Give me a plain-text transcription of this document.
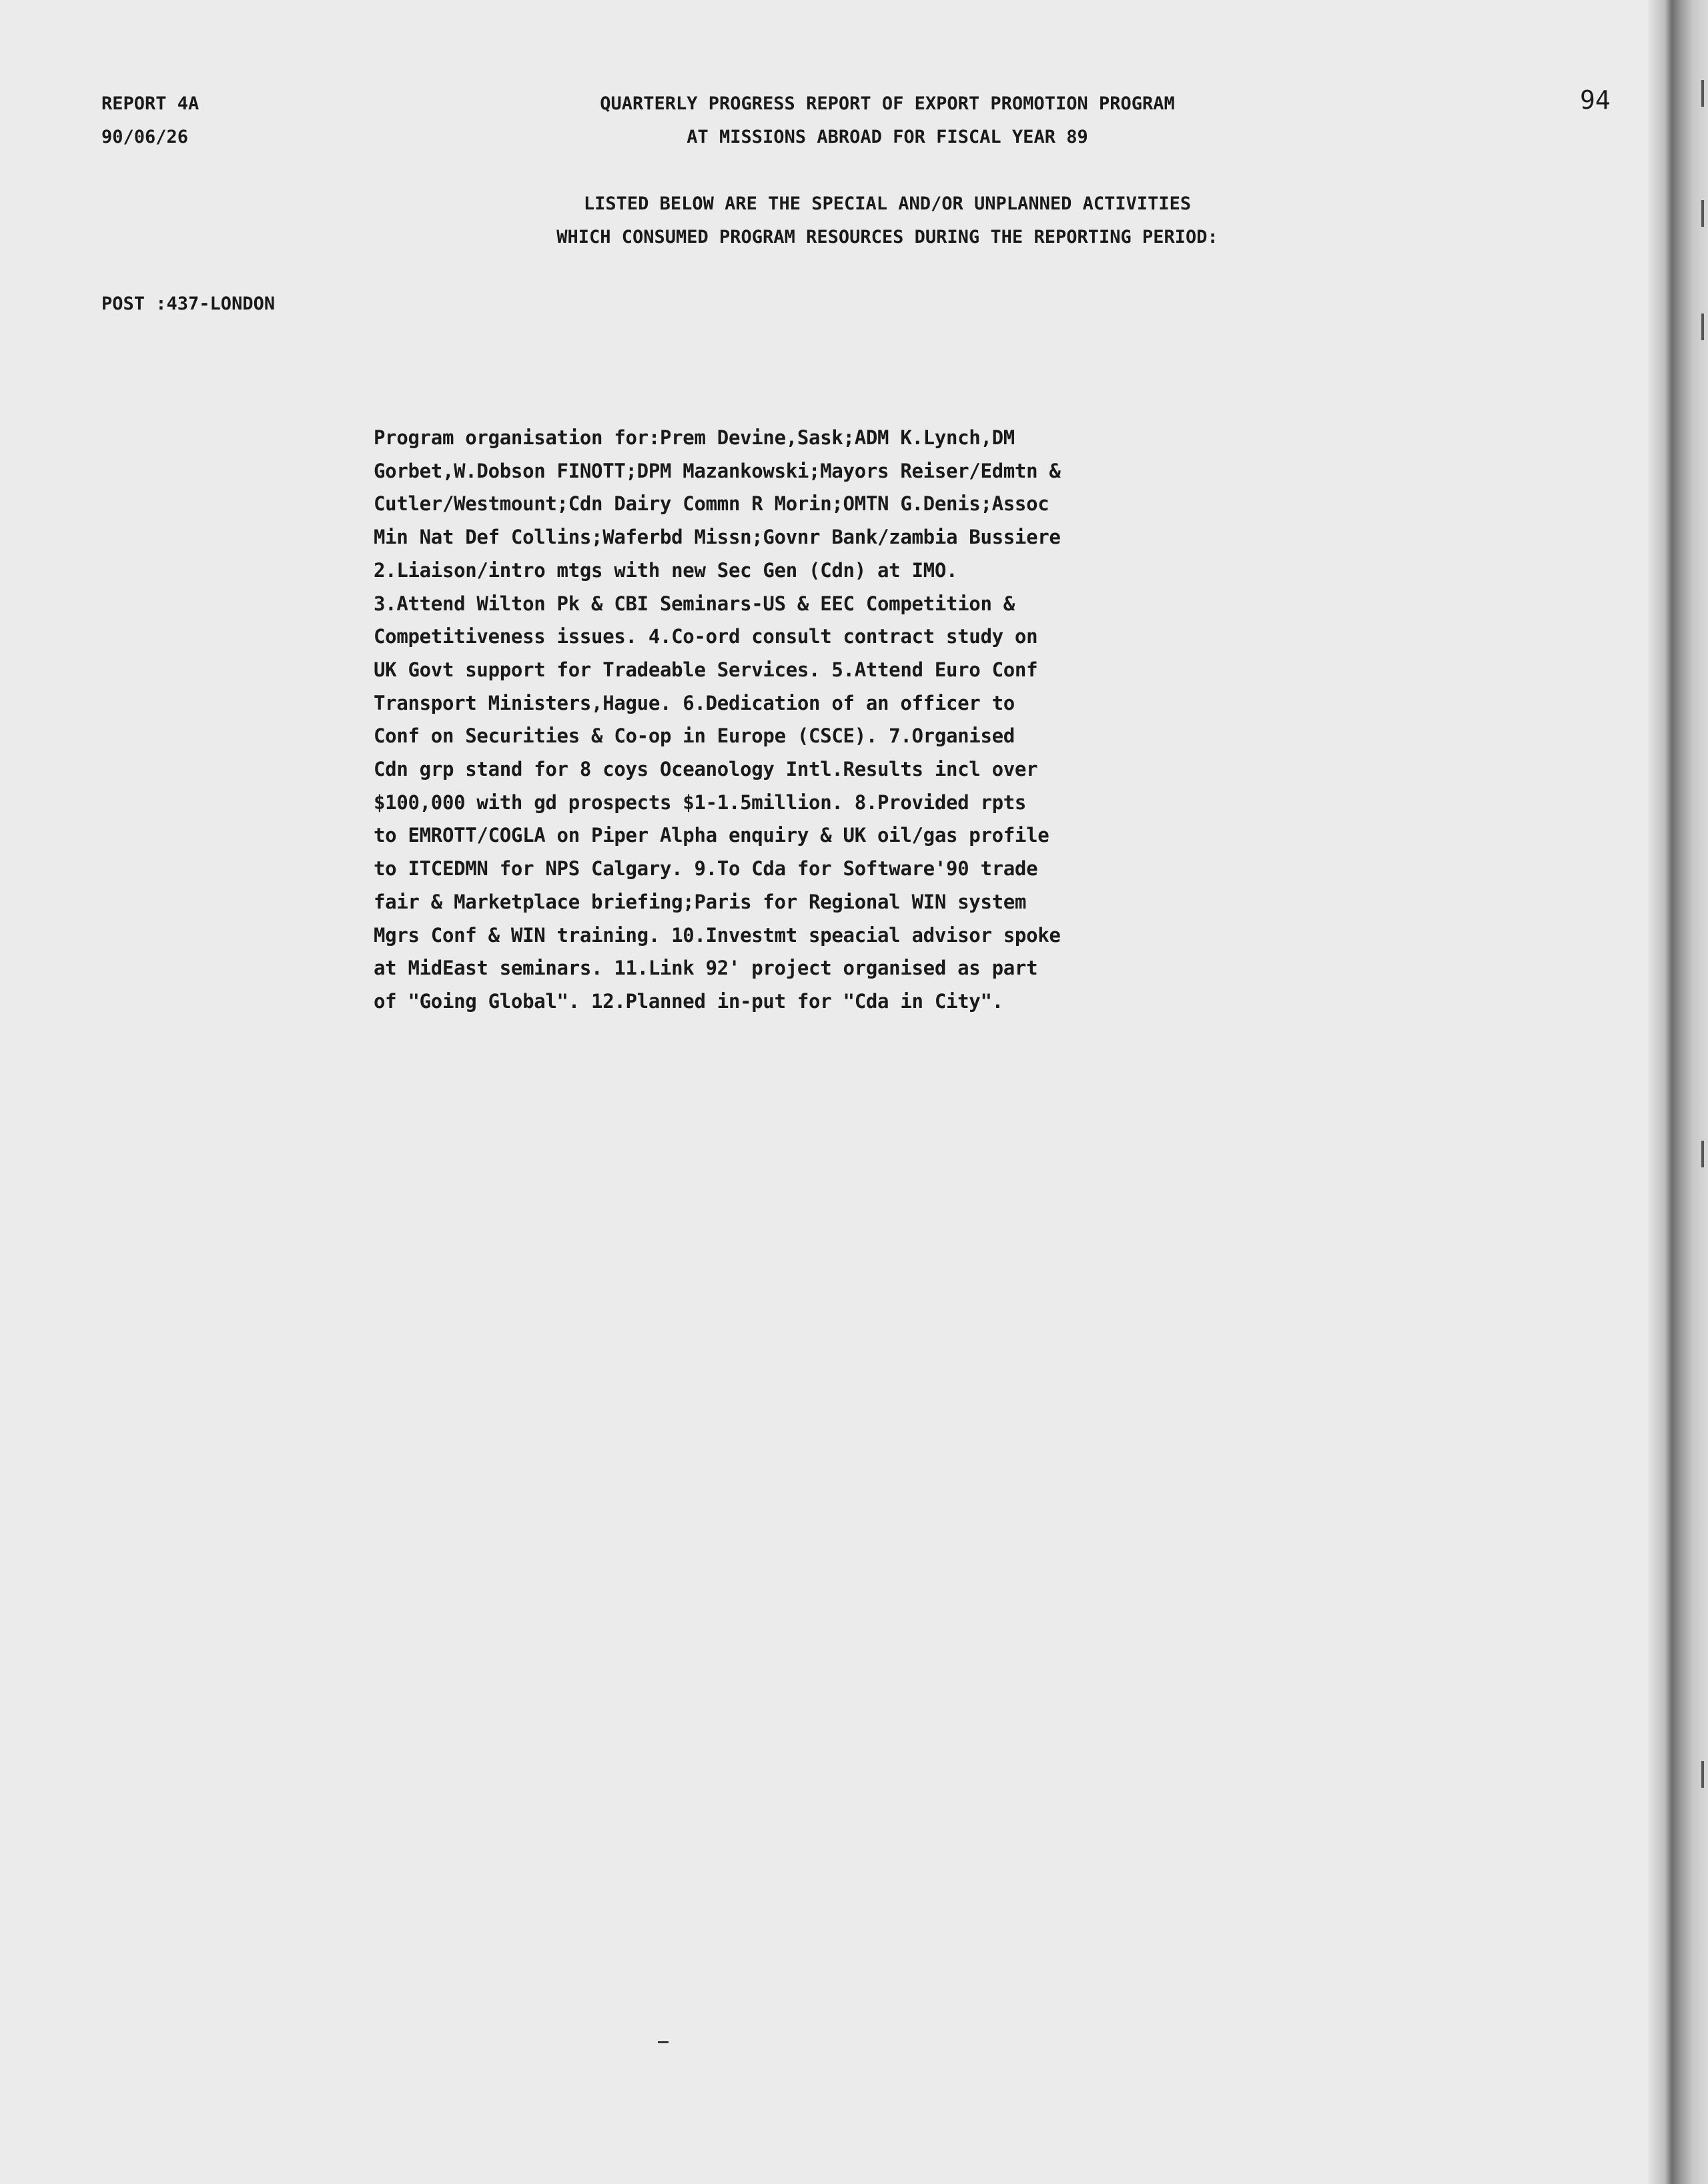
REPORT 4A
90/06/26
QUARTERLY PROGRESS REPORT OF EXPORT PROMOTION PROGRAM
AT MISSIONS ABROAD FOR FISCAL YEAR 89
94
LISTED BELOW ARE THE SPECIAL AND/OR UNPLANNED ACTIVITIES
WHICH CONSUMED PROGRAM RESOURCES DURING THE REPORTING PERIOD:
POST :437-LONDON
Program organisation for:Prem Devine,Sask;ADM K.Lynch,DM
Gorbet,W.Dobson FINOTT;DPM Mazankowski;Mayors Reiser/Edmtn &
Cutler/Westmount;Cdn Dairy Commn R Morin;OMTN G.Denis;Assoc
Min Nat Def Collins;Waferbd Missn;Govnr Bank/zambia Bussiere
2.Liaison/intro mtgs with new Sec Gen (Cdn) at IMO.
3.Attend Wilton Pk & CBI Seminars-US & EEC Competition &
Competitiveness issues. 4.Co-ord consult contract study on
UK Govt support for Tradeable Services. 5.Attend Euro Conf
Transport Ministers,Hague. 6.Dedication of an officer to
Conf on Securities & Co-op in Europe (CSCE). 7.Organised
Cdn grp stand for 8 coys Oceanology Intl.Results incl over
$100,000 with gd prospects $1-1.5million. 8.Provided rpts
to EMROTT/COGLA on Piper Alpha enquiry & UK oil/gas profile
to ITCEDMN for NPS Calgary. 9.To Cda for Software'90 trade
fair & Marketplace briefing;Paris for Regional WIN system
Mgrs Conf & WIN training. 10.Investmt speacial advisor spoke
at MidEast seminars. 11.Link 92' project organised as part
of "Going Global". 12.Planned in-put for "Cda in City".
